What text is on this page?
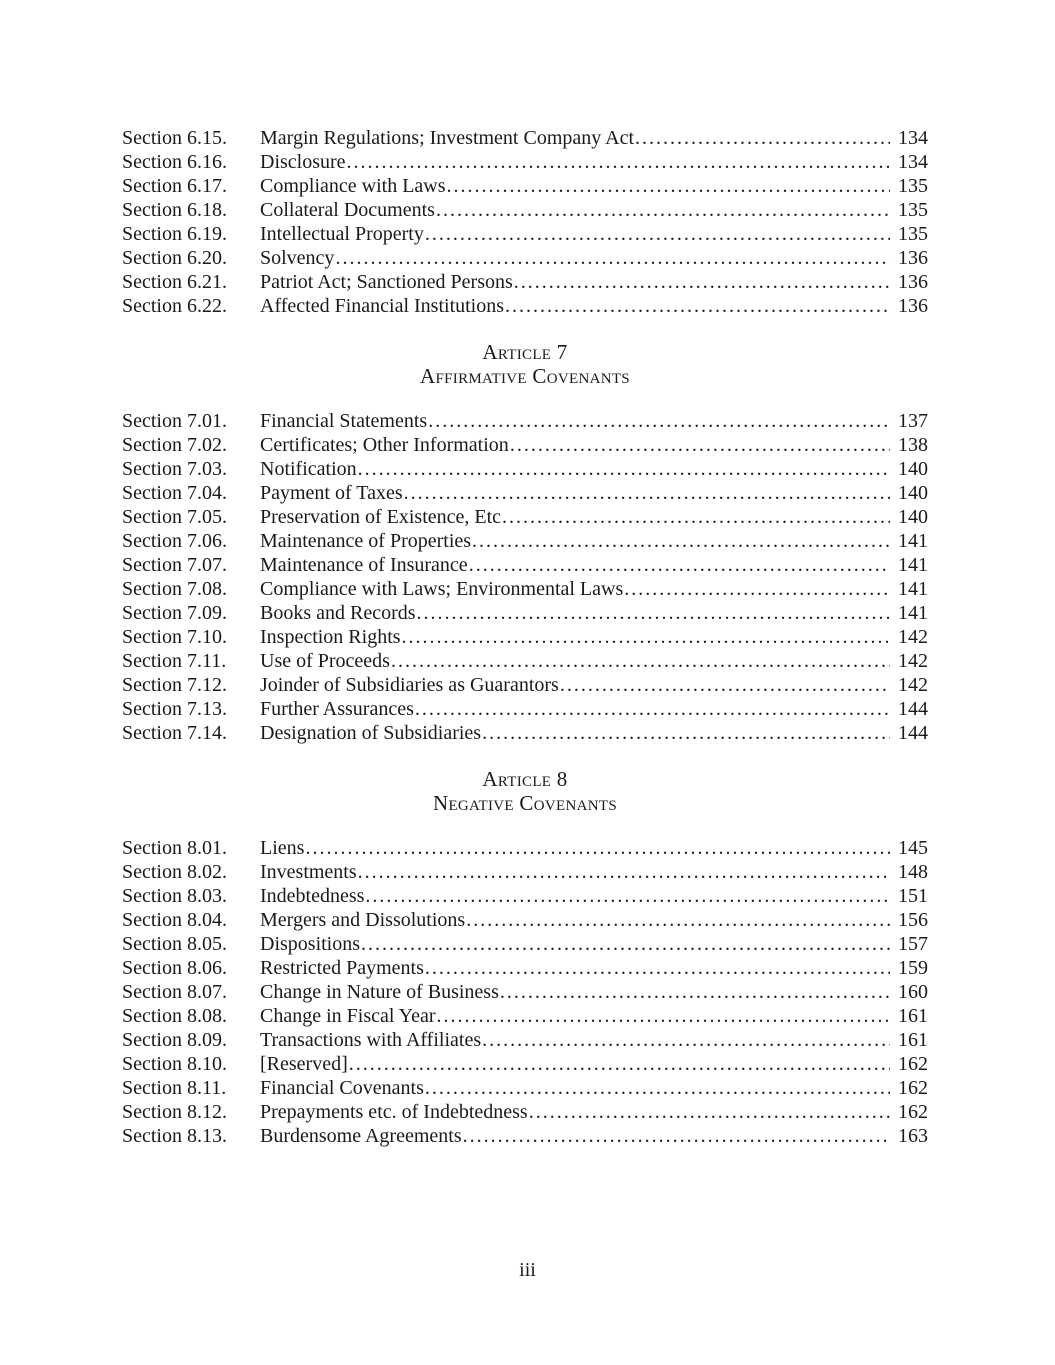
Section 6.15.	Margin Regulations; Investment Company Act .....	134
Section 6.16.	Disclosure .....	134
Section 6.17.	Compliance with Laws .....	135
Section 6.18.	Collateral Documents .....	135
Section 6.19.	Intellectual Property .....	135
Section 6.20.	Solvency .....	136
Section 6.21.	Patriot Act; Sanctioned Persons .....	136
Section 6.22.	Affected Financial Institutions .....	136
Article 7
Affirmative Covenants
Section 7.01.	Financial Statements .....	137
Section 7.02.	Certificates; Other Information .....	138
Section 7.03.	Notification .....	140
Section 7.04.	Payment of Taxes .....	140
Section 7.05.	Preservation of Existence, Etc .....	140
Section 7.06.	Maintenance of Properties .....	141
Section 7.07.	Maintenance of Insurance .....	141
Section 7.08.	Compliance with Laws; Environmental Laws .....	141
Section 7.09.	Books and Records .....	141
Section 7.10.	Inspection Rights .....	142
Section 7.11.	Use of Proceeds .....	142
Section 7.12.	Joinder of Subsidiaries as Guarantors .....	142
Section 7.13.	Further Assurances .....	144
Section 7.14.	Designation of Subsidiaries .....	144
Article 8
Negative Covenants
Section 8.01.	Liens .....	145
Section 8.02.	Investments .....	148
Section 8.03.	Indebtedness .....	151
Section 8.04.	Mergers and Dissolutions .....	156
Section 8.05.	Dispositions .....	157
Section 8.06.	Restricted Payments .....	159
Section 8.07.	Change in Nature of Business .....	160
Section 8.08.	Change in Fiscal Year .....	161
Section 8.09.	Transactions with Affiliates .....	161
Section 8.10.	[Reserved] .....	162
Section 8.11.	Financial Covenants .....	162
Section 8.12.	Prepayments etc. of Indebtedness .....	162
Section 8.13.	Burdensome Agreements .....	163
iii
